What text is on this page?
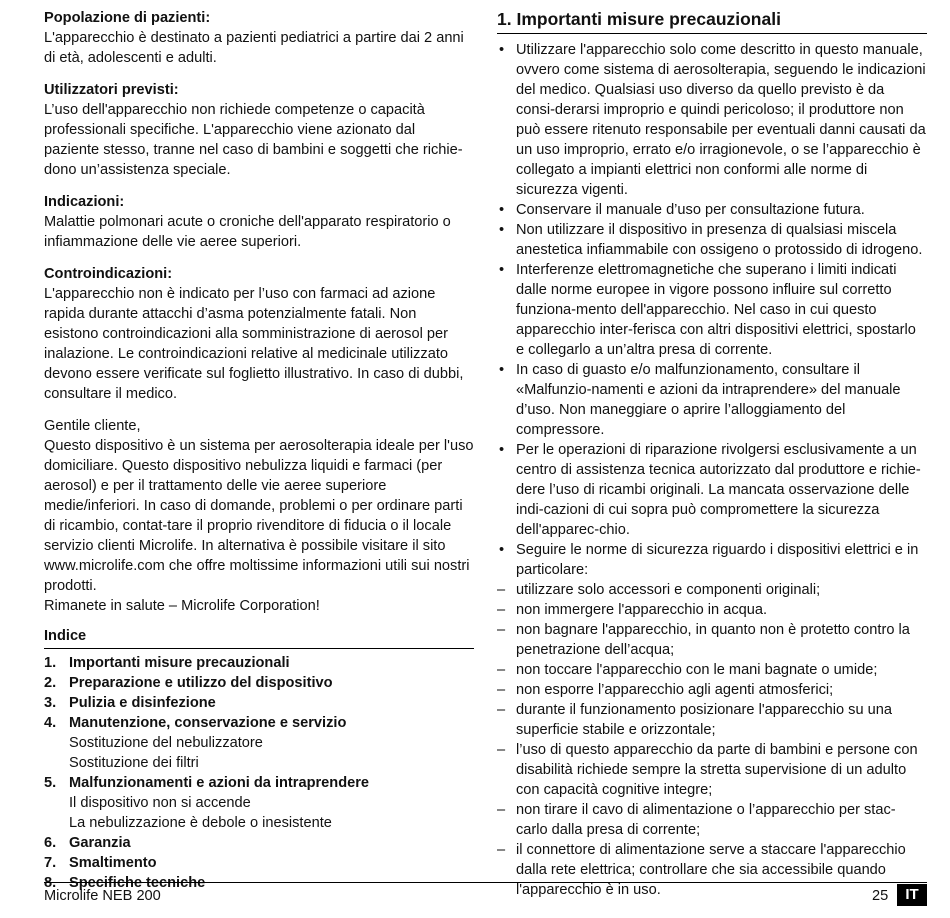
Popolazione di pazienti:

L'apparecchio è destinato a pazienti pediatrici a partire dai 2 anni di età, adolescenti e adulti.

Utilizzatori previsti:

L’uso dell'apparecchio non richiede competenze o capacità professionali specifiche. L'apparecchio viene azionato dal paziente stesso, tranne nel caso di bambini e soggetti che richie-dono un’assistenza speciale.

Indicazioni:

Malattie polmonari acute o croniche dell'apparato respiratorio o infiammazione delle vie aeree superiori.

Controindicazioni:

L'apparecchio non è indicato per l’uso con farmaci ad azione rapida durante attacchi d’asma potenzialmente fatali. Non esistono controindicazioni alla somministrazione di aerosol per inalazione. Le controindicazioni relative al medicinale utilizzato devono essere verificate sul foglietto illustrativo. In caso di dubbi, consultare il medico.

Gentile cliente,

Questo dispositivo è un sistema per aerosolterapia ideale per l'uso domiciliare. Questo dispositivo nebulizza liquidi e farmaci (per aerosol) e per il trattamento delle vie aeree superiore medie/inferiori. In caso di domande, problemi o per ordinare parti di ricambio, contat-tare il proprio rivenditore di fiducia o il locale servizio clienti Microlife. In alternativa è possibile visitare il sito www.microlife.com che offre moltissime informazioni utili sui nostri prodotti.

Rimanete in salute – Microlife Corporation!

Indice

1. Importanti misure precauzionali
2. Preparazione e utilizzo del dispositivo
3. Pulizia e disinfezione
4. Manutenzione, conservazione e servizio
Sostituzione del nebulizzatore
Sostituzione dei filtri
5. Malfunzionamenti e azioni da intraprendere
Il dispositivo non si accende
La nebulizzazione è debole o inesistente
6. Garanzia
7. Smaltimento
8. Specifiche tecniche

1. Importanti misure precauzionali

• Utilizzare l'apparecchio solo come descritto in questo manuale, ovvero come sistema di aerosolterapia, seguendo le indicazioni del medico. Qualsiasi uso diverso da quello previsto è da consi-derarsi improprio e quindi pericoloso; il produttore non può essere ritenuto responsabile per eventuali danni causati da un uso improprio, errato e/o irragionevole, o se l’apparecchio è collegato a impianti elettrici non conformi alle norme di sicurezza vigenti.
• Conservare il manuale d’uso per consultazione futura.
• Non utilizzare il dispositivo in presenza di qualsiasi miscela anestetica infiammabile con ossigeno o protossido di idrogeno.
• Interferenze elettromagnetiche che superano i limiti indicati dalle norme europee in vigore possono influire sul corretto funziona-mento dell'apparecchio. Nel caso in cui questo apparecchio inter-ferisca con altri dispositivi elettrici, spostarlo e collegarlo a un’altra presa di corrente.
• In caso di guasto e/o malfunzionamento, consultare il «Malfunzio-namenti e azioni da intraprendere» del manuale d’uso. Non maneggiare o aprire l’alloggiamento del compressore.
• Per le operazioni di riparazione rivolgersi esclusivamente a un centro di assistenza tecnica autorizzato dal produttore e richie-dere l’uso di ricambi originali. La mancata osservazione delle indi-cazioni di cui sopra può compromettere la sicurezza dell'apparec-chio.
• Seguire le norme di sicurezza riguardo i dispositivi elettrici e in particolare:
– utilizzare solo accessori e componenti originali;
– non immergere l'apparecchio in acqua.
– non bagnare l'apparecchio, in quanto non è protetto contro la penetrazione dell’acqua;
– non toccare l'apparecchio con le mani bagnate o umide;
– non esporre l’apparecchio agli agenti atmosferici;
– durante il funzionamento posizionare l'apparecchio su una superficie stabile e orizzontale;
– l’uso di questo apparecchio da parte di bambini e persone con disabilità richiede sempre la stretta supervisione di un adulto con capacità cognitive integre;
– non tirare il cavo di alimentazione o l’apparecchio per stac-carlo dalla presa di corrente;
– il connettore di alimentazione serve a staccare l'apparecchio dalla rete elettrica; controllare che sia accessibile quando l'apparecchio è in uso.
Microlife NEB 200	25	IT
